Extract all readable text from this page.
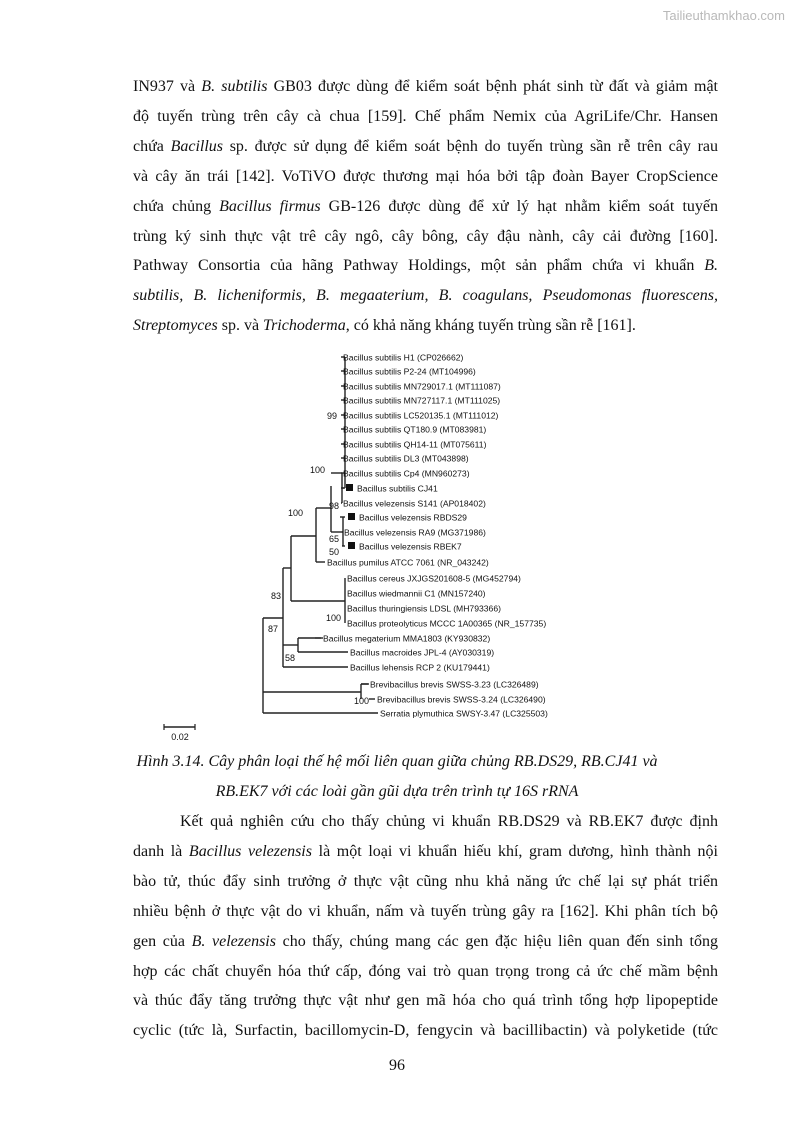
Tailieuthamkhao.com
IN937 và B. subtilis GB03 được dùng để kiểm soát bệnh phát sinh từ đất và giảm mật
độ tuyến trùng trên cây cà chua [159]. Chế phẩm Nemix của AgriLife/Chr. Hansen
chứa Bacillus sp. được sử dụng để kiểm soát bệnh do tuyến trùng sần rễ trên cây rau
và cây ăn trái [142]. VoTiVO được thương mại hóa bởi tập đoàn Bayer CropScience
chứa chủng Bacillus firmus GB-126 được dùng để xử lý hạt nhằm kiểm soát tuyến
trùng ký sinh thực vật trê cây ngô, cây bông, cây đậu nành, cây cải đường [160].
Pathway Consortia của hãng Pathway Holdings, một sản phẩm chứa vi khuẩn B.
subtilis, B. licheniformis, B. megaaterium, B. coagulans, Pseudomonas fluorescens,
Streptomyces sp. và Trichoderma, có khả năng kháng tuyến trùng sần rễ [161].
Bacillus subtilis H1 (CP026662)
Bacillus subtilis P2-24 (MT104996)
Bacillus subtilis MN729017.1 (MT111087)
Bacillus subtilis MN727117.1 (MT111025)
Bacillus subtilis LC520135.1 (MT111012)
Bacillus subtilis QT180.9 (MT083981)
Bacillus subtilis QH14-11 (MT075611)
Bacillus subtilis DL3 (MT043898)
Bacillus subtilis Cp4 (MN960273)
Bacillus subtilis CJ41
Bacillus velezensis S141 (AP018402)
Bacillus velezensis RBDS29
Bacillus velezensis RA9 (MG371986)
Bacillus velezensis RBEK7
Bacillus pumilus ATCC 7061 (NR_043242)
Bacillus cereus JXJGS201608-5 (MG452794)
Bacillus wiedmannii C1 (MN157240)
Bacillus thuringiensis LDSL (MH793366)
Bacillus proteolyticus MCCC 1A00365 (NR_157735)
Bacillus megaterium MMA1803 (KY930832)
Bacillus macroides JPL-4 (AY030319)
Bacillus lehensis RCP 2 (KU179441)
Brevibacillus brevis SWSS-3.23 (LC326489)
Brevibacillus brevis SWSS-3.24 (LC326490)
Serratia plymuthica SWSY-3.47 (LC325503)
99
100
100
98
65
50
83
100
87
58
100
0.02
Hình 3.14. Cây phân loại thế hệ mối liên quan giữa chủng RB.DS29, RB.CJ41 và
RB.EK7 với các loài gần gũi dựa trên trình tự 16S rRNA
Kết quả nghiên cứu cho thấy chủng vi khuẩn RB.DS29 và RB.EK7 được định
danh là Bacillus velezensis là một loại vi khuẩn hiếu khí, gram dương, hình thành nội
bào tử, thúc đẩy sinh trưởng ở thực vật cũng nhu khả năng ức chế lại sự phát triển
nhiều bệnh ở thực vật do vi khuẩn, nấm và tuyến trùng gây ra [162]. Khi phân tích bộ
gen của B. velezensis cho thấy, chúng mang các gen đặc hiệu liên quan đến sinh tổng
hợp các chất chuyển hóa thứ cấp, đóng vai trò quan trọng trong cả ức chế mầm bệnh
và thúc đẩy tăng trưởng thực vật như gen mã hóa cho quá trình tổng hợp lipopeptide
cyclic (tức là, Surfactin, bacillomycin-D, fengycin và bacillibactin) và polyketide (tức
96
